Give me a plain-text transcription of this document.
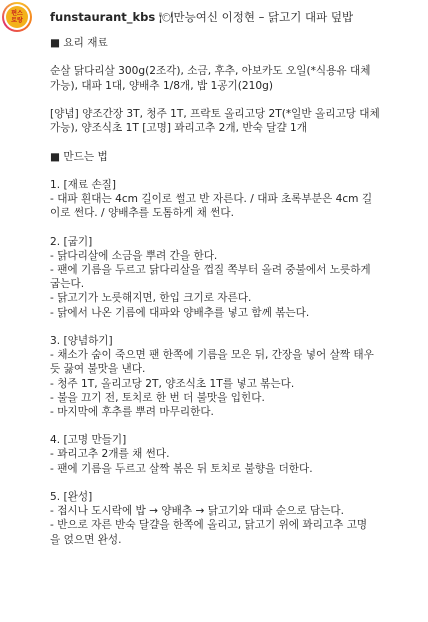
편스
토랑 funstaurant_kbs 🍽만능여신 이정현 – 닭고기 대파 덮밥
■ 요리 재료
순살 닭다리살 300g(2조각), 소금, 후추, 아보카도 오일(*식용유 대체
가능), 대파 1대, 양배추 1/8개, 밥 1공기(210g)
[양념] 양조간장 3T, 청주 1T, 프락토 올리고당 2T(*일반 올리고당 대체
가능), 양조식초 1T [고명] 꽈리고추 2개, 반숙 달걀 1개
■ 만드는 법
1. [재료 손질]
- 대파 흰대는 4cm 길이로 썰고 반 자른다. / 대파 초록부분은 4cm 길
이로 썬다. / 양배추를 도톰하게 채 썬다.
2. [굽기]
- 닭다리살에 소금을 뿌려 간을 한다.
- 팬에 기름을 두르고 닭다리살을 껍질 쪽부터 올려 중불에서 노릇하게
굽는다.
- 닭고기가 노릇해지면, 한입 크기로 자른다.
- 닭에서 나온 기름에 대파와 양배추를 넣고 함께 볶는다.
3. [양념하기]
- 채소가 숨이 죽으면 팬 한쪽에 기름을 모은 뒤, 간장을 넣어 살짝 태우
듯 끓여 불맛을 낸다.
- 청주 1T, 올리고당 2T, 양조식초 1T를 넣고 볶는다.
- 불을 끄기 전, 토치로 한 번 더 불맛을 입힌다.
- 마지막에 후추를 뿌려 마무리한다.
4. [고명 만들기]
- 꽈리고추 2개를 채 썬다.
- 팬에 기름을 두르고 살짝 볶은 뒤 토치로 불향을 더한다.
5. [완성]
- 접시나 도시락에 밥 → 양배추 → 닭고기와 대파 순으로 담는다.
- 반으로 자른 반숙 달걀을 한쪽에 올리고, 닭고기 위에 꽈리고추 고명
을 얹으면 완성.
